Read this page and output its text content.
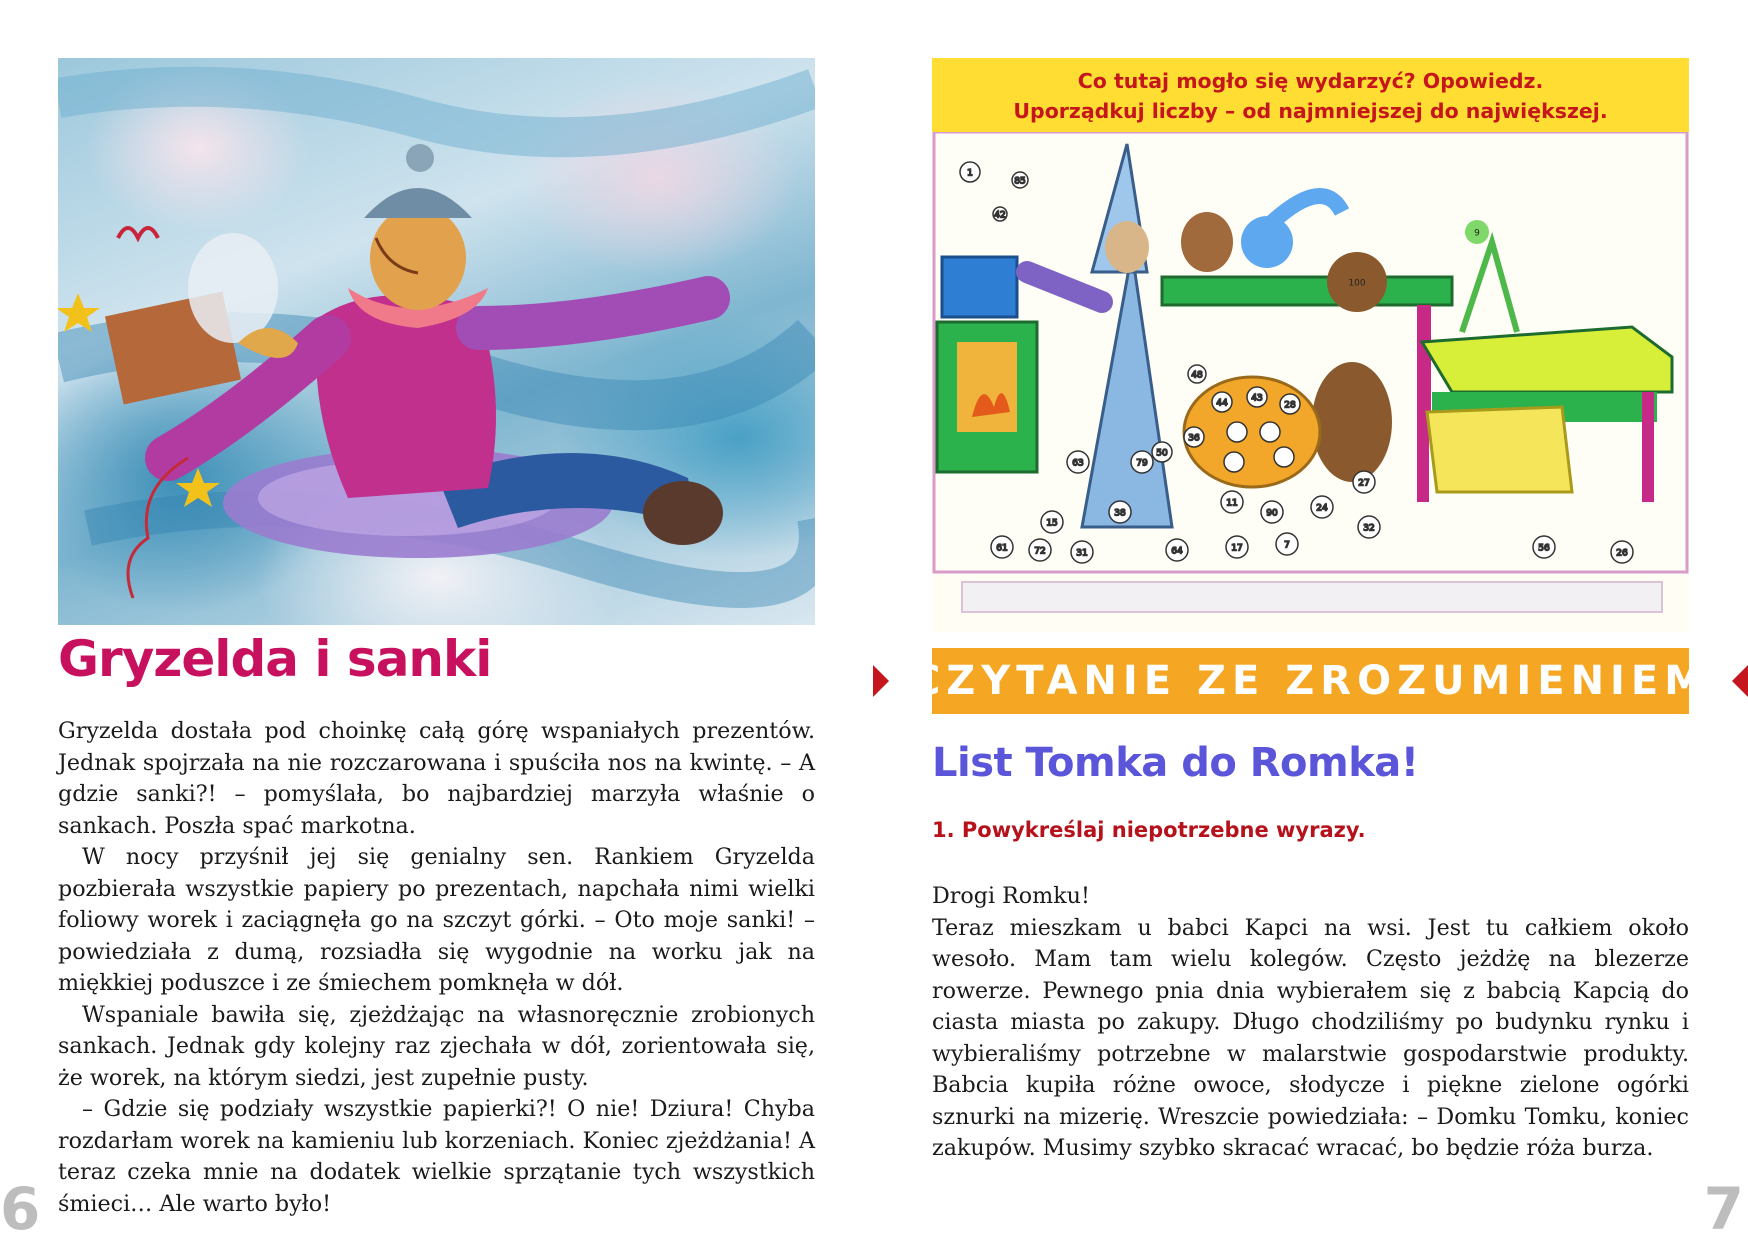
Gryzelda i sanki

Gryzelda dostała pod choinkę całą górę wspaniałych prezentów. Jednak spojrzała na nie rozczarowana i spuściła nos na kwintę. – A gdzie sanki?! – pomyślała, bo najbardziej marzyła właśnie o sankach. Poszła spać markotna.

W nocy przyśnił jej się genialny sen. Rankiem Gryzelda pozbierała wszystkie papiery po prezentach, napchała nimi wielki foliowy worek i zaciągnęła go na szczyt górki. – Oto moje sanki! – powiedziała z dumą, rozsiadła się wygodnie na worku jak na miękkiej poduszce i ze śmiechem pomknęła w dół.

Wspaniale bawiła się, zjeżdżając na własnoręcznie zrobionych sankach. Jednak gdy kolejny raz zjechała w dół, zorientowała się, że worek, na którym siedzi, jest zupełnie pusty.

– Gdzie się podziały wszystkie papierki?! O nie! Dziura! Chyba rozdarłam worek na kamieniu lub korzeniach. Koniec zjeżdżania! A teraz czeka mnie na dodatek wielkie sprzątanie tych wszystkich śmieci… Ale warto było!

6
Co tutaj mogło się wydarzyć? Opowiedz.
Uporządkuj liczby – od najmniejszej do największej.
1
85
42
48
50
36
63	79
15
38
11
90	24
27
61	72	31	64	17	7
32
56	26
44	43
28
100
9
CZYTANIE ZE ZROZUMIENIEM
List Tomka do Romka!
1. Powykreślaj niepotrzebne wyrazy.

Drogi Romku!

Teraz mieszkam u babci Kapci na wsi. Jest tu całkiem około wesoło. Mam tam wielu kolegów. Często jeżdżę na blezerze rowerze. Pewnego pnia dnia wybierałem się z babcią Kapcią do ciasta miasta po zakupy. Długo chodziliśmy po budynku rynku i wybieraliśmy potrzebne w malarstwie gospodarstwie produkty. Babcia kupiła różne owoce, słodycze i piękne zielone ogórki sznurki na mizerię. Wreszcie powiedziała: – Domku Tomku, koniec zakupów. Musimy szybko skracać wracać, bo będzie róża burza.

7
